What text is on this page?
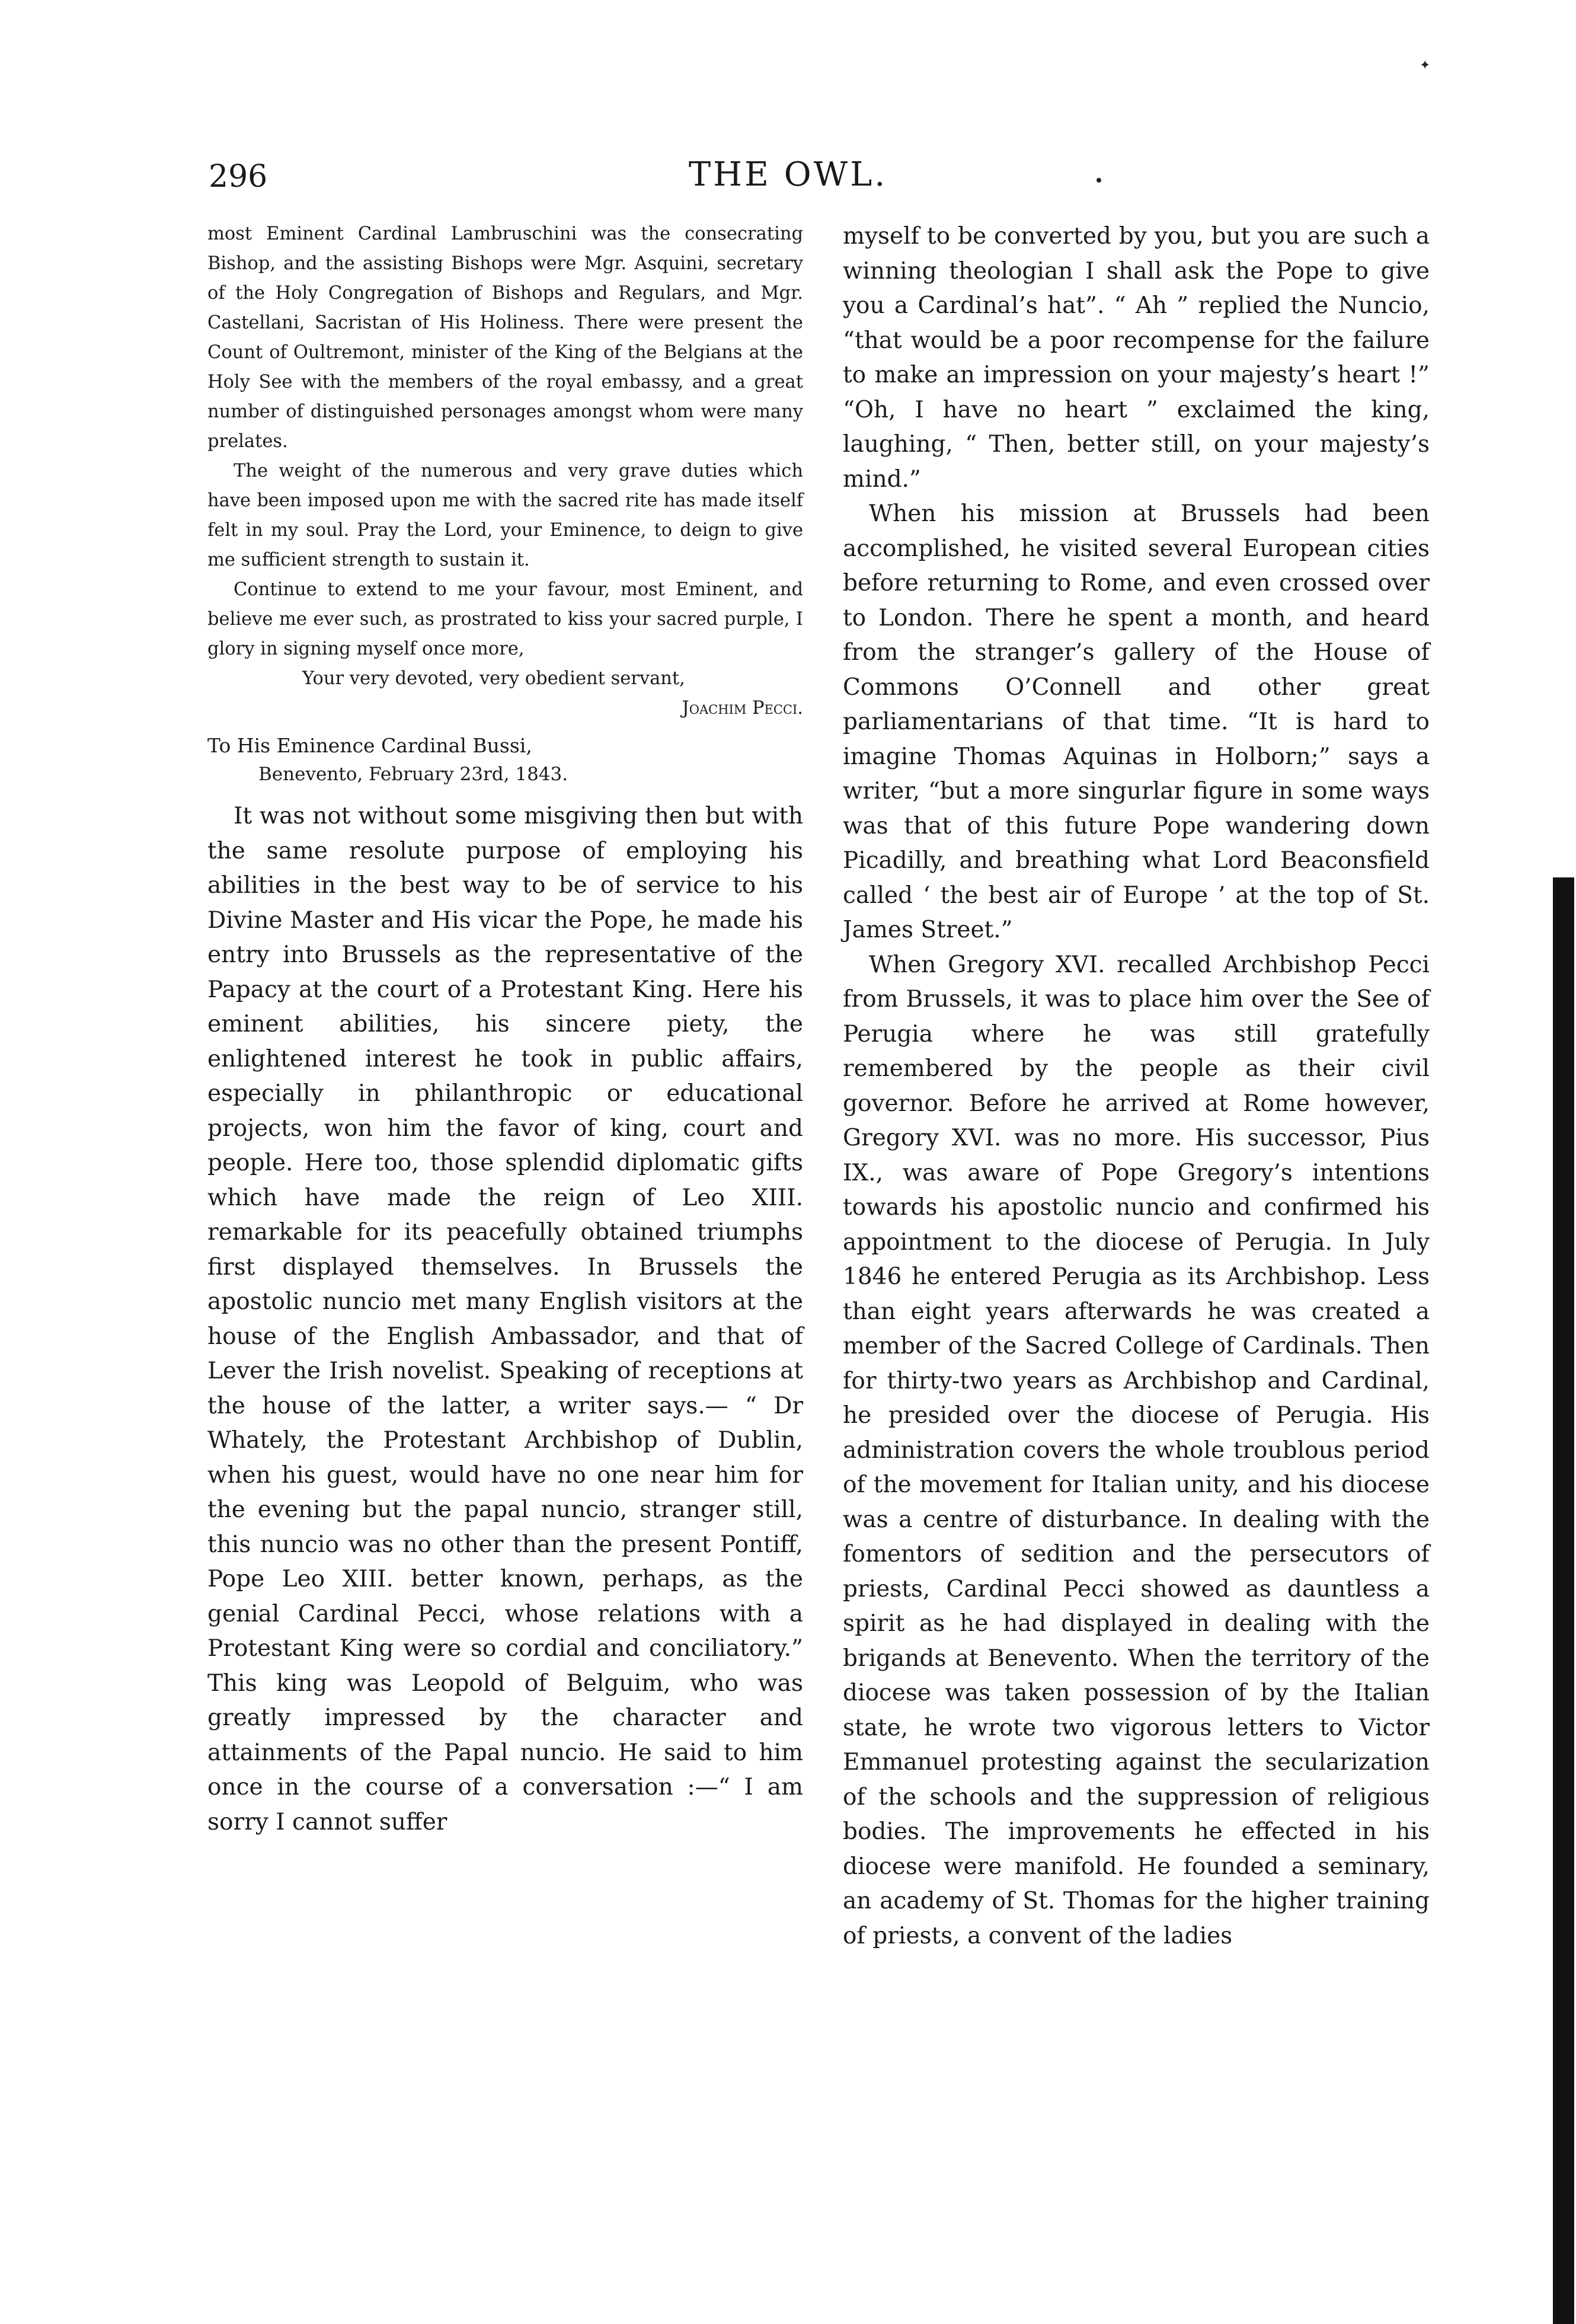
✦
296	THE OWL.

most Eminent Cardinal Lambruschini was the consecrating Bishop, and the assisting Bishops were Mgr. Asquini, secretary of the Holy Congregation of Bishops and Regulars, and Mgr. Castellani, Sacristan of His Holiness. There were present the Count of Oultremont, minister of the King of the Belgians at the Holy See with the members of the royal embassy, and a great number of distinguished personages amongst whom were many prelates.

The weight of the numerous and very grave duties which have been imposed upon me with the sacred rite has made itself felt in my soul. Pray the Lord, your Eminence, to deign to give me sufficient strength to sustain it.

Continue to extend to me your favour, most Eminent, and believe me ever such, as prostrated to kiss your sacred purple, I glory in signing myself once more,

Your very devoted, very obedient servant,
Joachim Pecci.
To His Eminence Cardinal Bussi,
Benevento, February 23rd, 1843.

It was not without some misgiving then but with the same resolute purpose of employing his abilities in the best way to be of service to his Divine Master and His vicar the Pope, he made his entry into Brussels as the representative of the Papacy at the court of a Protestant King. Here his eminent abilities, his sincere piety, the enlightened interest he took in public affairs, especially in philanthropic or educational projects, won him the favor of king, court and people. Here too, those splendid diplomatic gifts which have made the reign of Leo XIII. remarkable for its peacefully obtained triumphs first displayed themselves. In Brussels the apostolic nuncio met many English visitors at the house of the English Ambassador, and that of Lever the Irish novelist. Speaking of receptions at the house of the latter, a writer says.— “ Dr Whately, the Protestant Archbishop of Dublin, when his guest, would have no one near him for the evening but the papal nuncio, stranger still, this nuncio was no other than the present Pontiff, Pope Leo XIII. better known, perhaps, as the genial Cardinal Pecci, whose relations with a Protestant King were so cordial and conciliatory.” This king was Leopold of Belguim, who was greatly impressed by the character and attainments of the Papal nuncio. He said to him once in the course of a conversation :—“ I am sorry I cannot suffer

myself to be converted by you, but you are such a winning theologian I shall ask the Pope to give you a Cardinal’s hat”. “ Ah ” replied the Nuncio, “that would be a poor recompense for the failure to make an impression on your majesty’s heart !” “Oh, I have no heart ” exclaimed the king, laughing, “ Then, better still, on your majesty’s mind.”

When his mission at Brussels had been accomplished, he visited several European cities before returning to Rome, and even crossed over to London. There he spent a month, and heard from the stranger’s gallery of the House of Commons O’Connell and other great parliamentarians of that time. “It is hard to imagine Thomas Aquinas in Holborn;” says a writer, “but a more singurlar figure in some ways was that of this future Pope wandering down Picadilly, and breathing what Lord Beaconsfield called ‘ the best air of Europe ’ at the top of St. James Street.”

When Gregory XVI. recalled Archbishop Pecci from Brussels, it was to place him over the See of Perugia where he was still gratefully remembered by the people as their civil governor. Before he arrived at Rome however, Gregory XVI. was no more. His successor, Pius IX., was aware of Pope Gregory’s intentions towards his apostolic nuncio and confirmed his appointment to the diocese of Perugia. In July 1846 he entered Perugia as its Archbishop. Less than eight years afterwards he was created a member of the Sacred College of Cardinals. Then for thirty-two years as Archbishop and Cardinal, he presided over the diocese of Perugia. His administration covers the whole troublous period of the movement for Italian unity, and his diocese was a centre of disturbance. In dealing with the fomentors of sedition and the persecutors of priests, Cardinal Pecci showed as dauntless a spirit as he had displayed in dealing with the brigands at Benevento. When the territory of the diocese was taken possession of by the Italian state, he wrote two vigorous letters to Victor Emmanuel protesting against the secularization of the schools and the suppression of religious bodies. The improvements he effected in his diocese were manifold. He founded a seminary, an academy of St. Thomas for the higher training of priests, a convent of the ladies
